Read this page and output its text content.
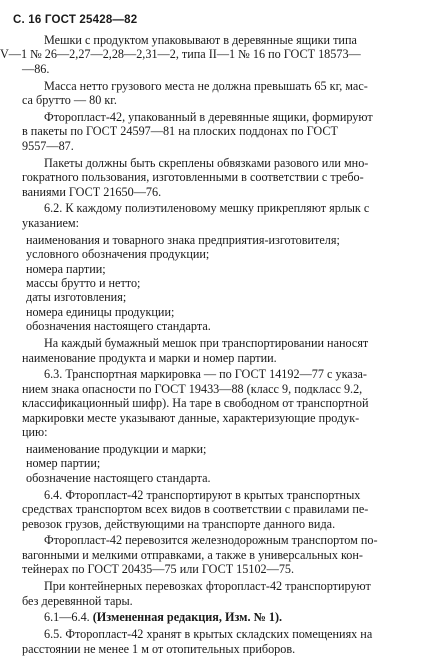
С. 16 ГОСТ 25428—82
Мешки с продуктом упаковывают в деревянные ящики типа
V—1 № 26—2,27—2,28—2,31—2, типа II—1 № 16 по ГОСТ 18573—
—86.
Масса нетто грузового места не должна превышать 65 кг, мас-
са брутто — 80 кг.
Фторопласт-42, упакованный в деревянные ящики, формируют
в пакеты по ГОСТ 24597—81 на плоских поддонах по ГОСТ
9557—87.
Пакеты должны быть скреплены обвязками разового или мно-
гократного пользования, изготовленными в соответствии с требо-
ваниями ГОСТ 21650—76.
6.2. К каждому полиэтиленовому мешку прикрепляют ярлык с
указанием:
наименования и товарного знака предприятия-изготовителя;
условного обозначения продукции;
номера партии;
массы брутто и нетто;
даты изготовления;
номера единицы продукции;
обозначения настоящего стандарта.
На каждый бумажный мешок при транспортировании наносят
наименование продукта и марки и номер партии.
6.3. Транспортная маркировка — по ГОСТ 14192—77 с указа-
нием знака опасности по ГОСТ 19433—88 (класс 9, подкласс 9.2,
классификационный шифр). На таре в свободном от транспортной
маркировки месте указывают данные, характеризующие продук-
цию:
наименование продукции и марки;
номер партии;
обозначение настоящего стандарта.
6.4. Фторопласт-42 транспортируют в крытых транспортных
средствах транспортом всех видов в соответствии с правилами пе-
ревозок грузов, действующими на транспорте данного вида.
Фторопласт-42 перевозится железнодорожным транспортом по-
вагонными и мелкими отправками, а также в универсальных кон-
тейнерах по ГОСТ 20435—75 или ГОСТ 15102—75.
При контейнерных перевозках фторопласт-42 транспортируют
без деревянной тары.
6.1—6.4. (Измененная редакция, Изм. № 1).
6.5. Фторопласт-42 хранят в крытых складских помещениях на
расстоянии не менее 1 м от отопительных приборов.
